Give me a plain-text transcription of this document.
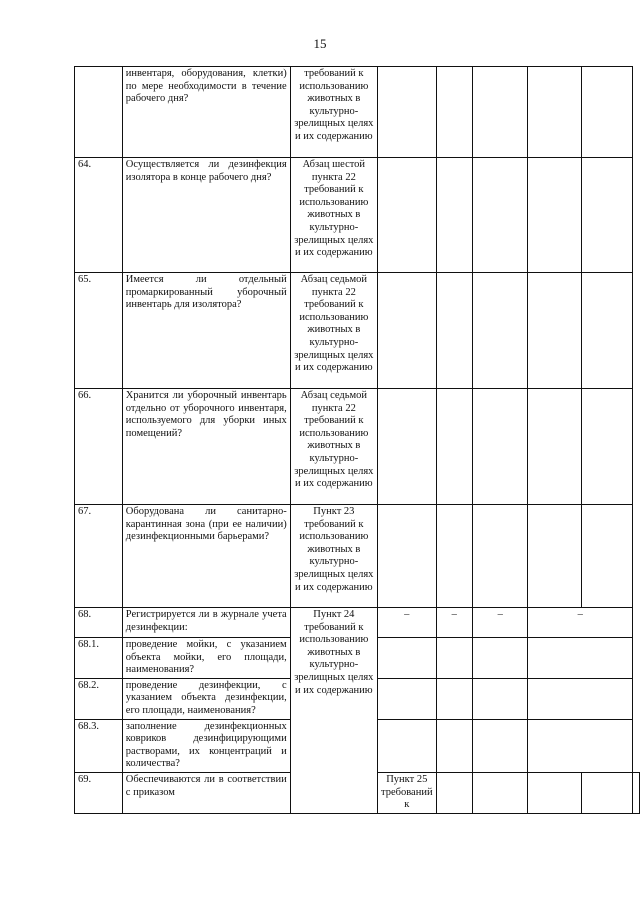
15
	инвентаря, оборудования, клетки) по мере необходимости в течение рабочего дня?	требований к использованию животных в культурно-зрелищных целях и их содержанию						
64.	Осуществляется ли дезинфекция изолятора в конце рабочего дня?	Абзац шестой пункта 22 требований к использованию животных в культурно-зрелищных целях и их содержанию						
65.	Имеется ли отдельный промаркированный уборочный инвентарь для изолятора?	Абзац седьмой пункта 22 требований к использованию животных в культурно-зрелищных целях и их содержанию						
66.	Хранится ли уборочный инвентарь отдельно от уборочного инвентаря, используемого для уборки иных помещений?	Абзац седьмой пункта 22 требований к использованию животных в культурно-зрелищных целях и их содержанию						
67.	Оборудована ли санитарно-карантинная зона (при ее наличии) дезинфекционными барьерами?	Пункт 23 требований к использованию животных в культурно-зрелищных целях и их содержанию						
68.	Регистрируется ли в журнале учета дезинфекции:	Пункт 24 требований к использованию животных в культурно-зрелищных целях и их содержанию	–	–	–	–		
68.1.	проведение мойки, с указанием объекта мойки, его площади, наименования?							
68.2.	проведение дезинфекции, с указанием объекта дезинфекции, его площади, наименования?							
68.3.	заполнение дезинфекционных ковриков дезинфицирующими растворами, их концентраций и количества?							
69.	Обеспечиваются ли в соответствии с приказом		Пункт 25 требований к					
